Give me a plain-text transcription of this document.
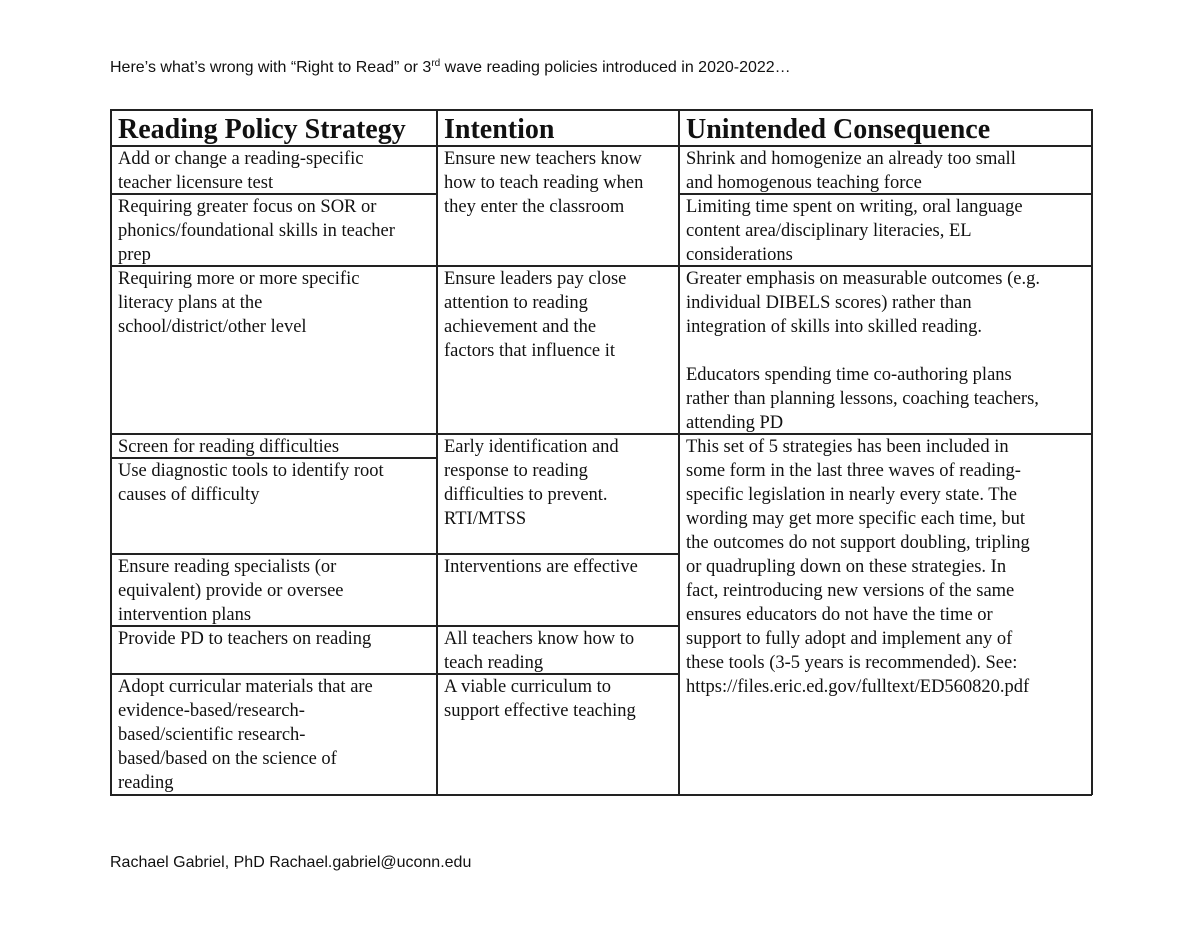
Here’s what’s wrong with “Right to Read” or 3rd wave reading policies introduced in 2020-2022…
Reading Policy Strategy	Intention	Unintended Consequence
Add or change a reading-specific
teacher licensure test
Requiring greater focus on SOR or
phonics/foundational skills in teacher
prep
Requiring more or more specific
literacy plans at the
school/district/other level
Screen for reading difficulties
Use diagnostic tools to identify root
causes of difficulty
Ensure reading specialists (or
equivalent) provide or oversee
intervention plans
Provide PD to teachers on reading
Adopt curricular materials that are
evidence-based/research-
based/scientific research-
based/based on the science of
reading
Ensure new teachers know
how to teach reading when
they enter the classroom
Ensure leaders pay close
attention to reading
achievement and the
factors that influence it
Early identification and
response to reading
difficulties to prevent.
RTI/MTSS
Interventions are effective
All teachers know how to
teach reading
A viable curriculum to
support effective teaching
Shrink and homogenize an already too small
and homogenous teaching force
Limiting time spent on writing, oral language
content area/disciplinary literacies, EL
considerations
Greater emphasis on measurable outcomes (e.g.
individual DIBELS scores) rather than
integration of skills into skilled reading.

Educators spending time co-authoring plans
rather than planning lessons, coaching teachers,
attending PD
This set of 5 strategies has been included in
some form in the last three waves of reading-
specific legislation in nearly every state. The
wording may get more specific each time, but
the outcomes do not support doubling, tripling
or quadrupling down on these strategies. In
fact, reintroducing new versions of the same
ensures educators do not have the time or
support to fully adopt and implement any of
these tools (3-5 years is recommended). See:
https://files.eric.ed.gov/fulltext/ED560820.pdf
Rachael Gabriel, PhD Rachael.gabriel@uconn.edu
